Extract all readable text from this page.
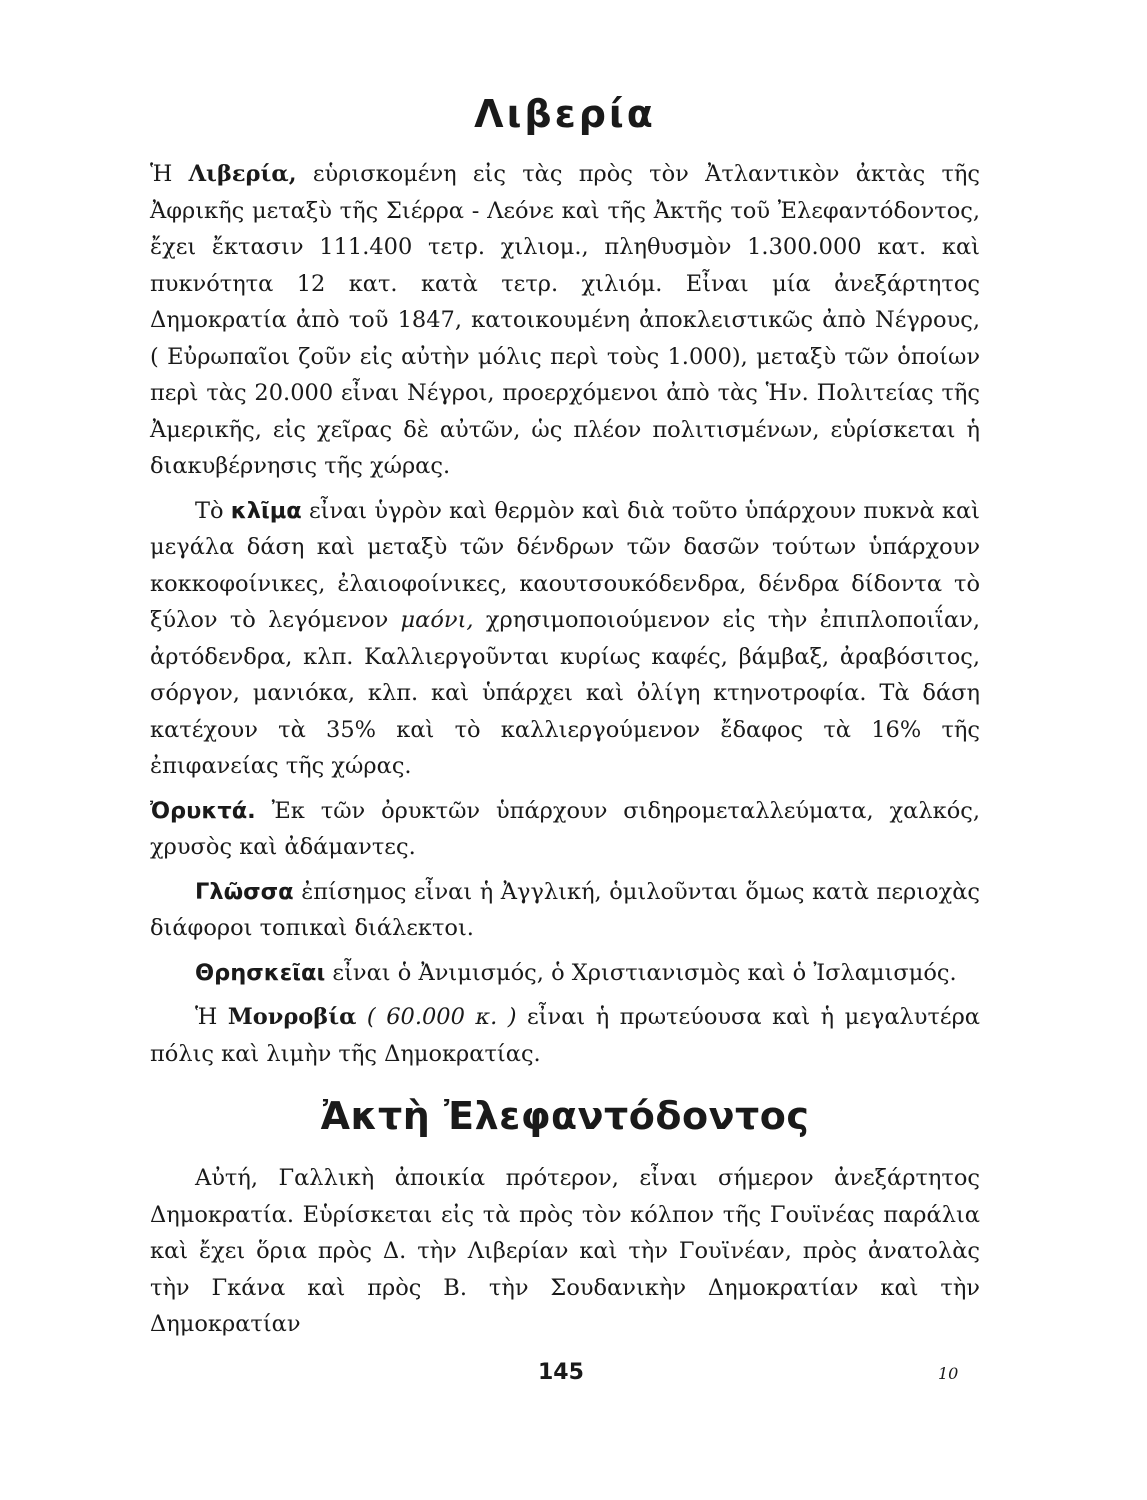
Λιβερία

Ἡ Λιβερία, εὑρισκομένη εἰς τὰς πρὸς τὸν Ἀτλαντικὸν ἀκτὰς τῆς Ἀφρικῆς μεταξὺ τῆς Σιέρρα - Λεόνε καὶ τῆς Ἀκτῆς τοῦ Ἐλεφαντόδοντος, ἔχει ἔκτασιν 111.400 τετρ. χιλιομ., πληθυσμὸν 1.300.000 κατ. καὶ πυκνότητα 12 κατ. κατὰ τετρ. χιλιόμ. Εἶναι μία ἀνεξάρτητος Δημοκρατία ἀπὸ τοῦ 1847, κατοικουμένη ἀποκλειστικῶς ἀπὸ Νέγρους, ( Εὐρωπαῖοι ζοῦν εἰς αὐτὴν μόλις περὶ τοὺς 1.000), μεταξὺ τῶν ὁποίων περὶ τὰς 20.000 εἶναι Νέγροι, προερχόμενοι ἀπὸ τὰς Ἡν. Πολιτείας τῆς Ἀμερικῆς, εἰς χεῖρας δὲ αὐτῶν, ὡς πλέον πολιτισμένων, εὑρίσκεται ἡ διακυβέρνησις τῆς χώρας.

Τὸ κλῖμα εἶναι ὑγρὸν καὶ θερμὸν καὶ διὰ τοῦτο ὑπάρχουν πυκνὰ καὶ μεγάλα δάση καὶ μεταξὺ τῶν δένδρων τῶν δασῶν τούτων ὑπάρχουν κοκκοφοίνικες, ἐλαιοφοίνικες, καουτσουκόδενδρα, δένδρα δίδοντα τὸ ξύλον τὸ λεγόμενον μαόνι, χρησιμοποιούμενον εἰς τὴν ἐπιπλοποιΐαν, ἀρτόδενδρα, κλπ. Καλλιεργοῦνται κυρίως καφές, βάμβαξ, ἀραβόσιτος, σόργον, μανιόκα, κλπ. καὶ ὑπάρχει καὶ ὀλίγη κτηνοτροφία. Τὰ δάση κατέχουν τὰ 35% καὶ τὸ καλλιεργούμενον ἔδαφος τὰ 16% τῆς ἐπιφανείας τῆς χώρας.

Ὀρυκτά. Ἐκ τῶν ὀρυκτῶν ὑπάρχουν σιδηρομεταλλεύματα, χαλκός, χρυσὸς καὶ ἀδάμαντες.

Γλῶσσα ἐπίσημος εἶναι ἡ Ἀγγλική, ὁμιλοῦνται ὅμως κατὰ περιοχὰς διάφοροι τοπικαὶ διάλεκτοι.

Θρησκεῖαι εἶναι ὁ Ἀνιμισμός, ὁ Χριστιανισμὸς καὶ ὁ Ἰσλαμισμός.

Ἡ Μονροβία ( 60.000 κ. ) εἶναι ἡ πρωτεύουσα καὶ ἡ μεγαλυτέρα πόλις καὶ λιμὴν τῆς Δημοκρατίας.

Ἀκτὴ Ἐλεφαντόδοντος

Αὐτή, Γαλλικὴ ἀποικία πρότερον, εἶναι σήμερον ἀνεξάρτητος Δημοκρατία. Εὑρίσκεται εἰς τὰ πρὸς τὸν κόλπον τῆς Γουϊνέας παράλια καὶ ἔχει ὅρια πρὸς Δ. τὴν Λιβερίαν καὶ τὴν Γουϊνέαν, πρὸς ἀνατολὰς τὴν Γκάνα καὶ πρὸς Β. τὴν Σουδανικὴν Δημοκρατίαν καὶ τὴν Δημοκρατίαν

145	10
